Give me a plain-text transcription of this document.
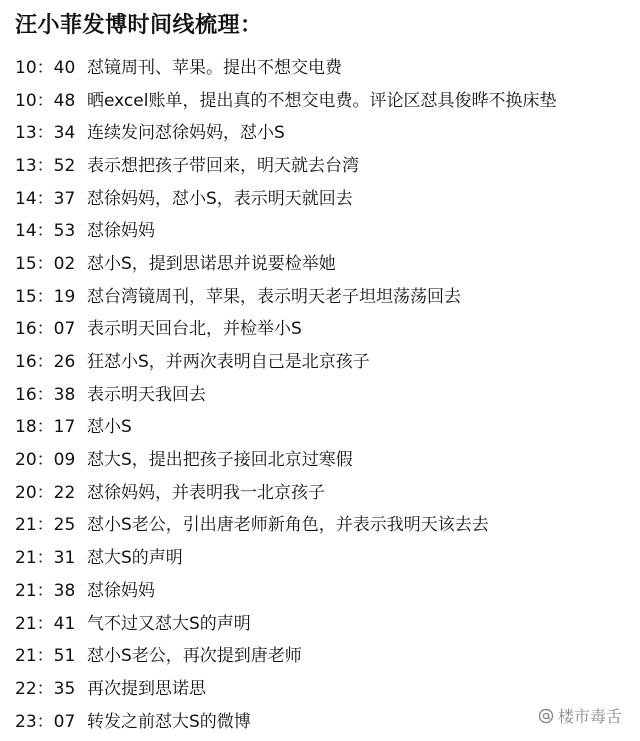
汪小菲发博时间线梳理：
10：40 怼镜周刊、苹果。提出不想交电费
10：48 晒excel账单，提出真的不想交电费。评论区怼具俊晔不换床垫
13：34 连续发问怼徐妈妈，怼小S
13：52 表示想把孩子带回来，明天就去台湾
14：37 怼徐妈妈，怼小S，表示明天就回去
14：53 怼徐妈妈
15：02 怼小S，提到思诺思并说要检举她
15：19 怼台湾镜周刊，苹果，表示明天老子坦坦荡荡回去
16：07 表示明天回台北，并检举小S
16：26 狂怼小S，并两次表明自己是北京孩子
16：38 表示明天我回去
18：17 怼小S
20：09 怼大S，提出把孩子接回北京过寒假
20：22 怼徐妈妈，并表明我一北京孩子
21：25 怼小S老公，引出唐老师新角色，并表示我明天该去去
21：31 怼大S的声明
21：38 怼徐妈妈
21：41 气不过又怼大S的声明
21：51 怼小S老公，再次提到唐老师
22：35 再次提到思诺思
23：07 转发之前怼大S的微博	楼市毒舌
